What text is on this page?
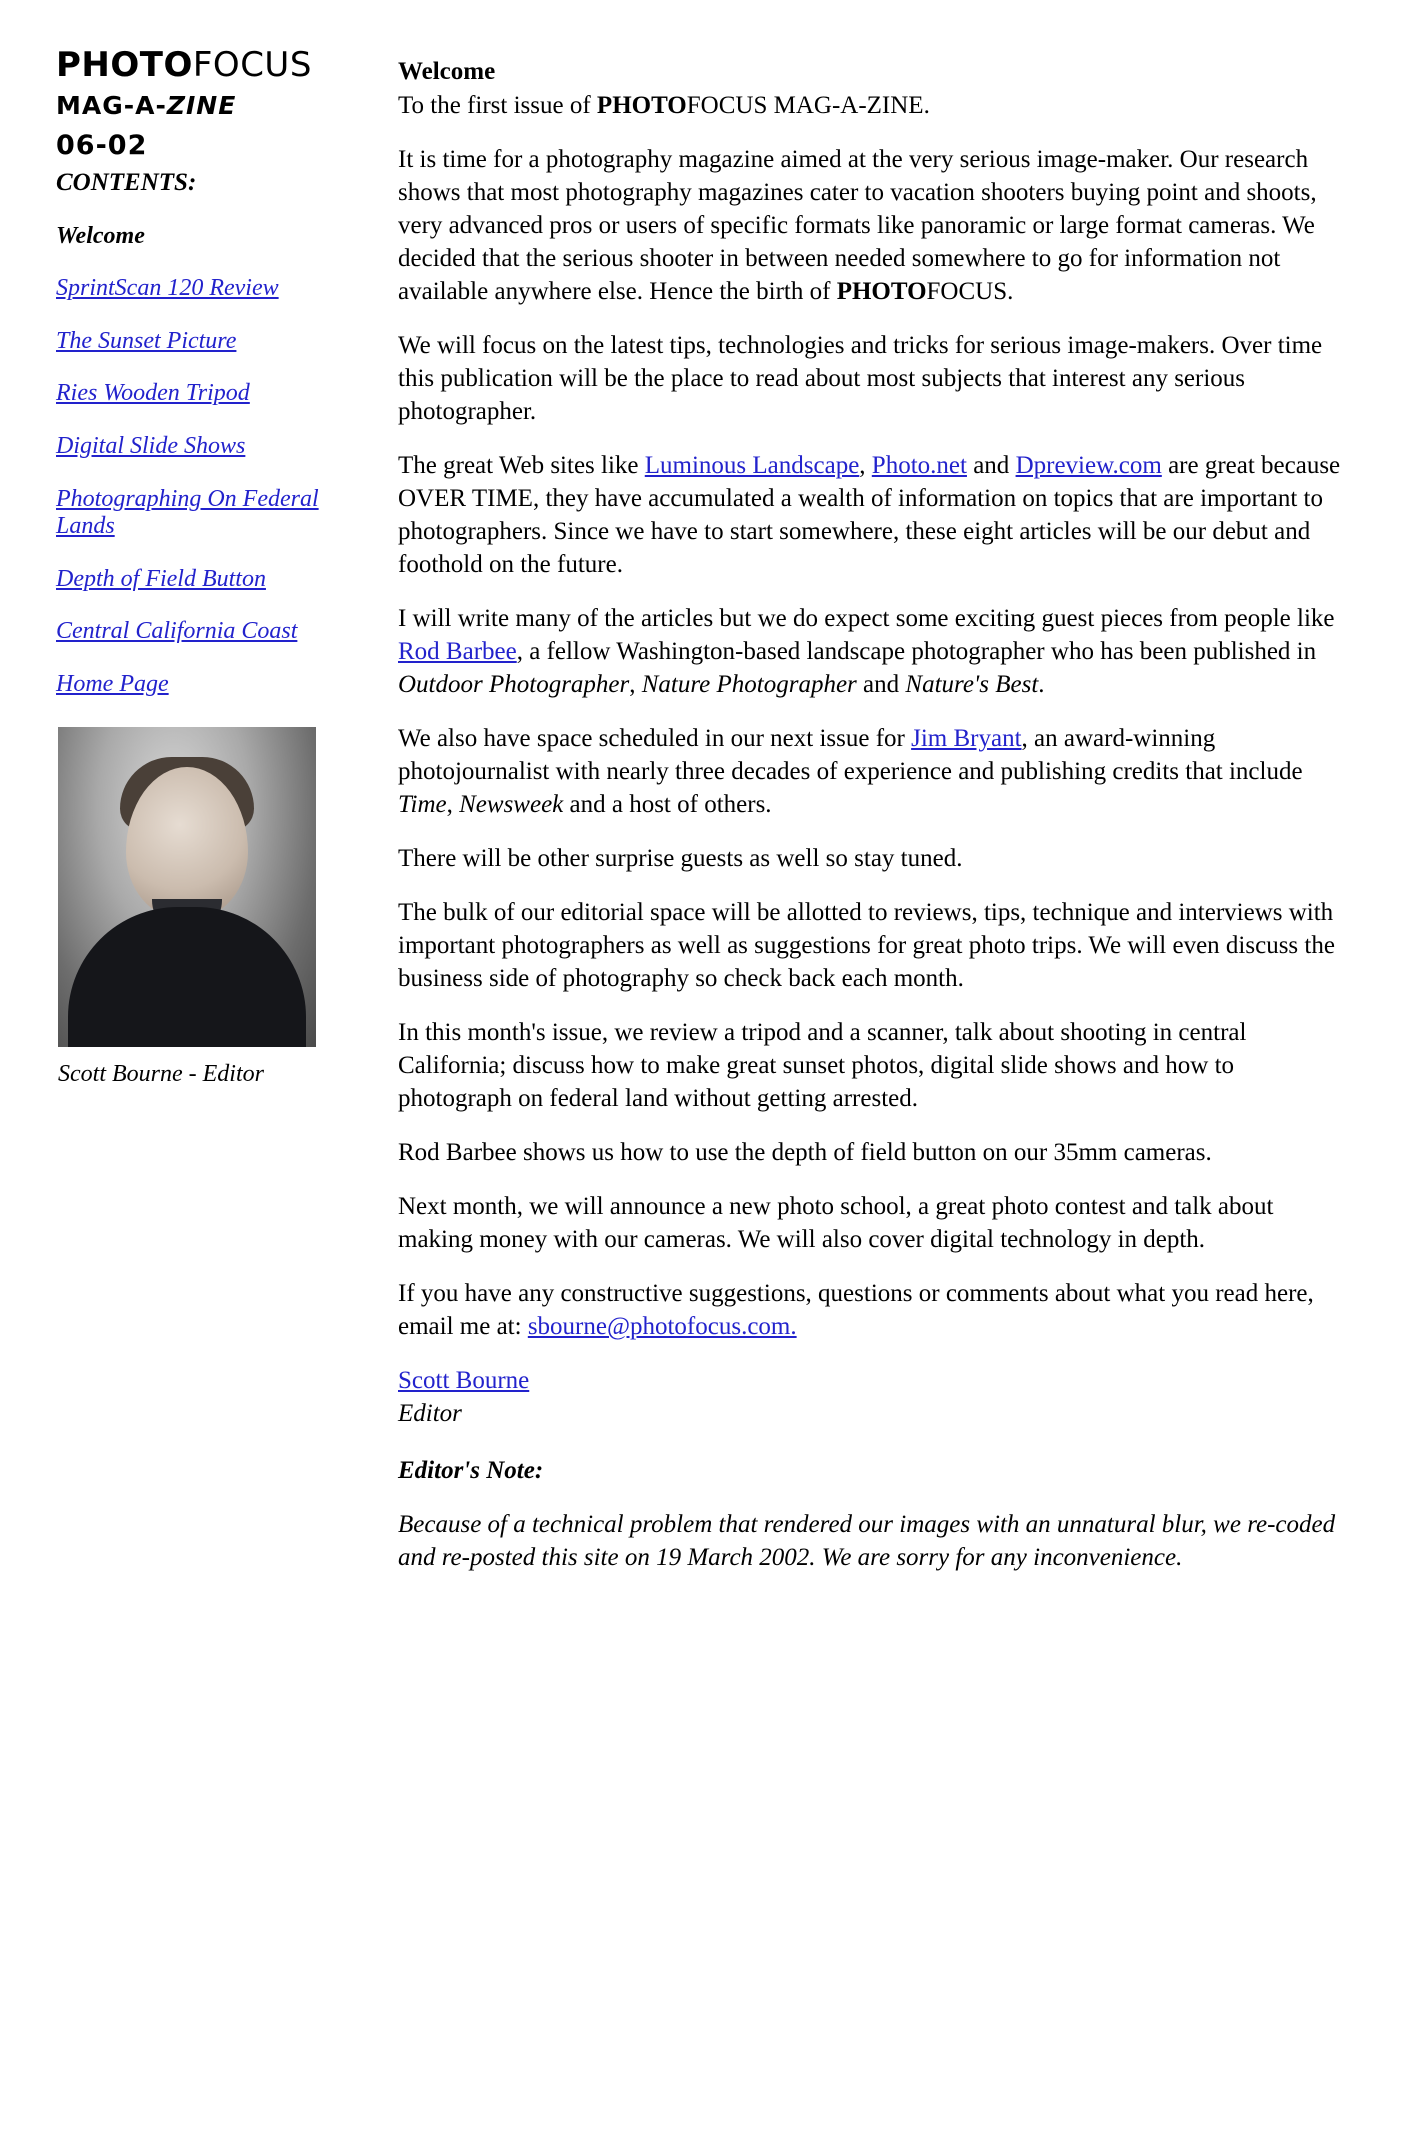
PHOTOFOCUS
MAG-A-ZINE
06-02
CONTENTS:
Welcome
SprintScan 120 Review
The Sunset Picture
Ries Wooden Tripod
Digital Slide Shows
Photographing On Federal Lands
Depth of Field Button
Central California Coast
Home Page
Scott Bourne - Editor
Welcome

To the first issue of PHOTOFOCUS MAG-A-ZINE.

It is time for a photography magazine aimed at the very serious image-maker. Our research shows that most photography magazines cater to vacation shooters buying point and shoots, very advanced pros or users of specific formats like panoramic or large format cameras. We decided that the serious shooter in between needed somewhere to go for information not available anywhere else. Hence the birth of PHOTOFOCUS.

We will focus on the latest tips, technologies and tricks for serious image-makers. Over time this publication will be the place to read about most subjects that interest any serious photographer.

The great Web sites like Luminous Landscape, Photo.net and Dpreview.com are great because OVER TIME, they have accumulated a wealth of information on topics that are important to photographers. Since we have to start somewhere, these eight articles will be our debut and foothold on the future.

I will write many of the articles but we do expect some exciting guest pieces from people like Rod Barbee, a fellow Washington-based landscape photographer who has been published in Outdoor Photographer, Nature Photographer and Nature's Best.

We also have space scheduled in our next issue for Jim Bryant, an award-winning photojournalist with nearly three decades of experience and publishing credits that include Time, Newsweek and a host of others.

There will be other surprise guests as well so stay tuned.

The bulk of our editorial space will be allotted to reviews, tips, technique and interviews with important photographers as well as suggestions for great photo trips. We will even discuss the business side of photography so check back each month.

In this month's issue, we review a tripod and a scanner, talk about shooting in central California; discuss how to make great sunset photos, digital slide shows and how to photograph on federal land without getting arrested.

Rod Barbee shows us how to use the depth of field button on our 35mm cameras.

Next month, we will announce a new photo school, a great photo contest and talk about making money with our cameras. We will also cover digital technology in depth.

If you have any constructive suggestions, questions or comments about what you read here, email me at: sbourne@photofocus.com.

Scott Bourne

Editor

Editor's Note:

Because of a technical problem that rendered our images with an unnatural blur, we re-coded and re-posted this site on 19 March 2002. We are sorry for any inconvenience.
